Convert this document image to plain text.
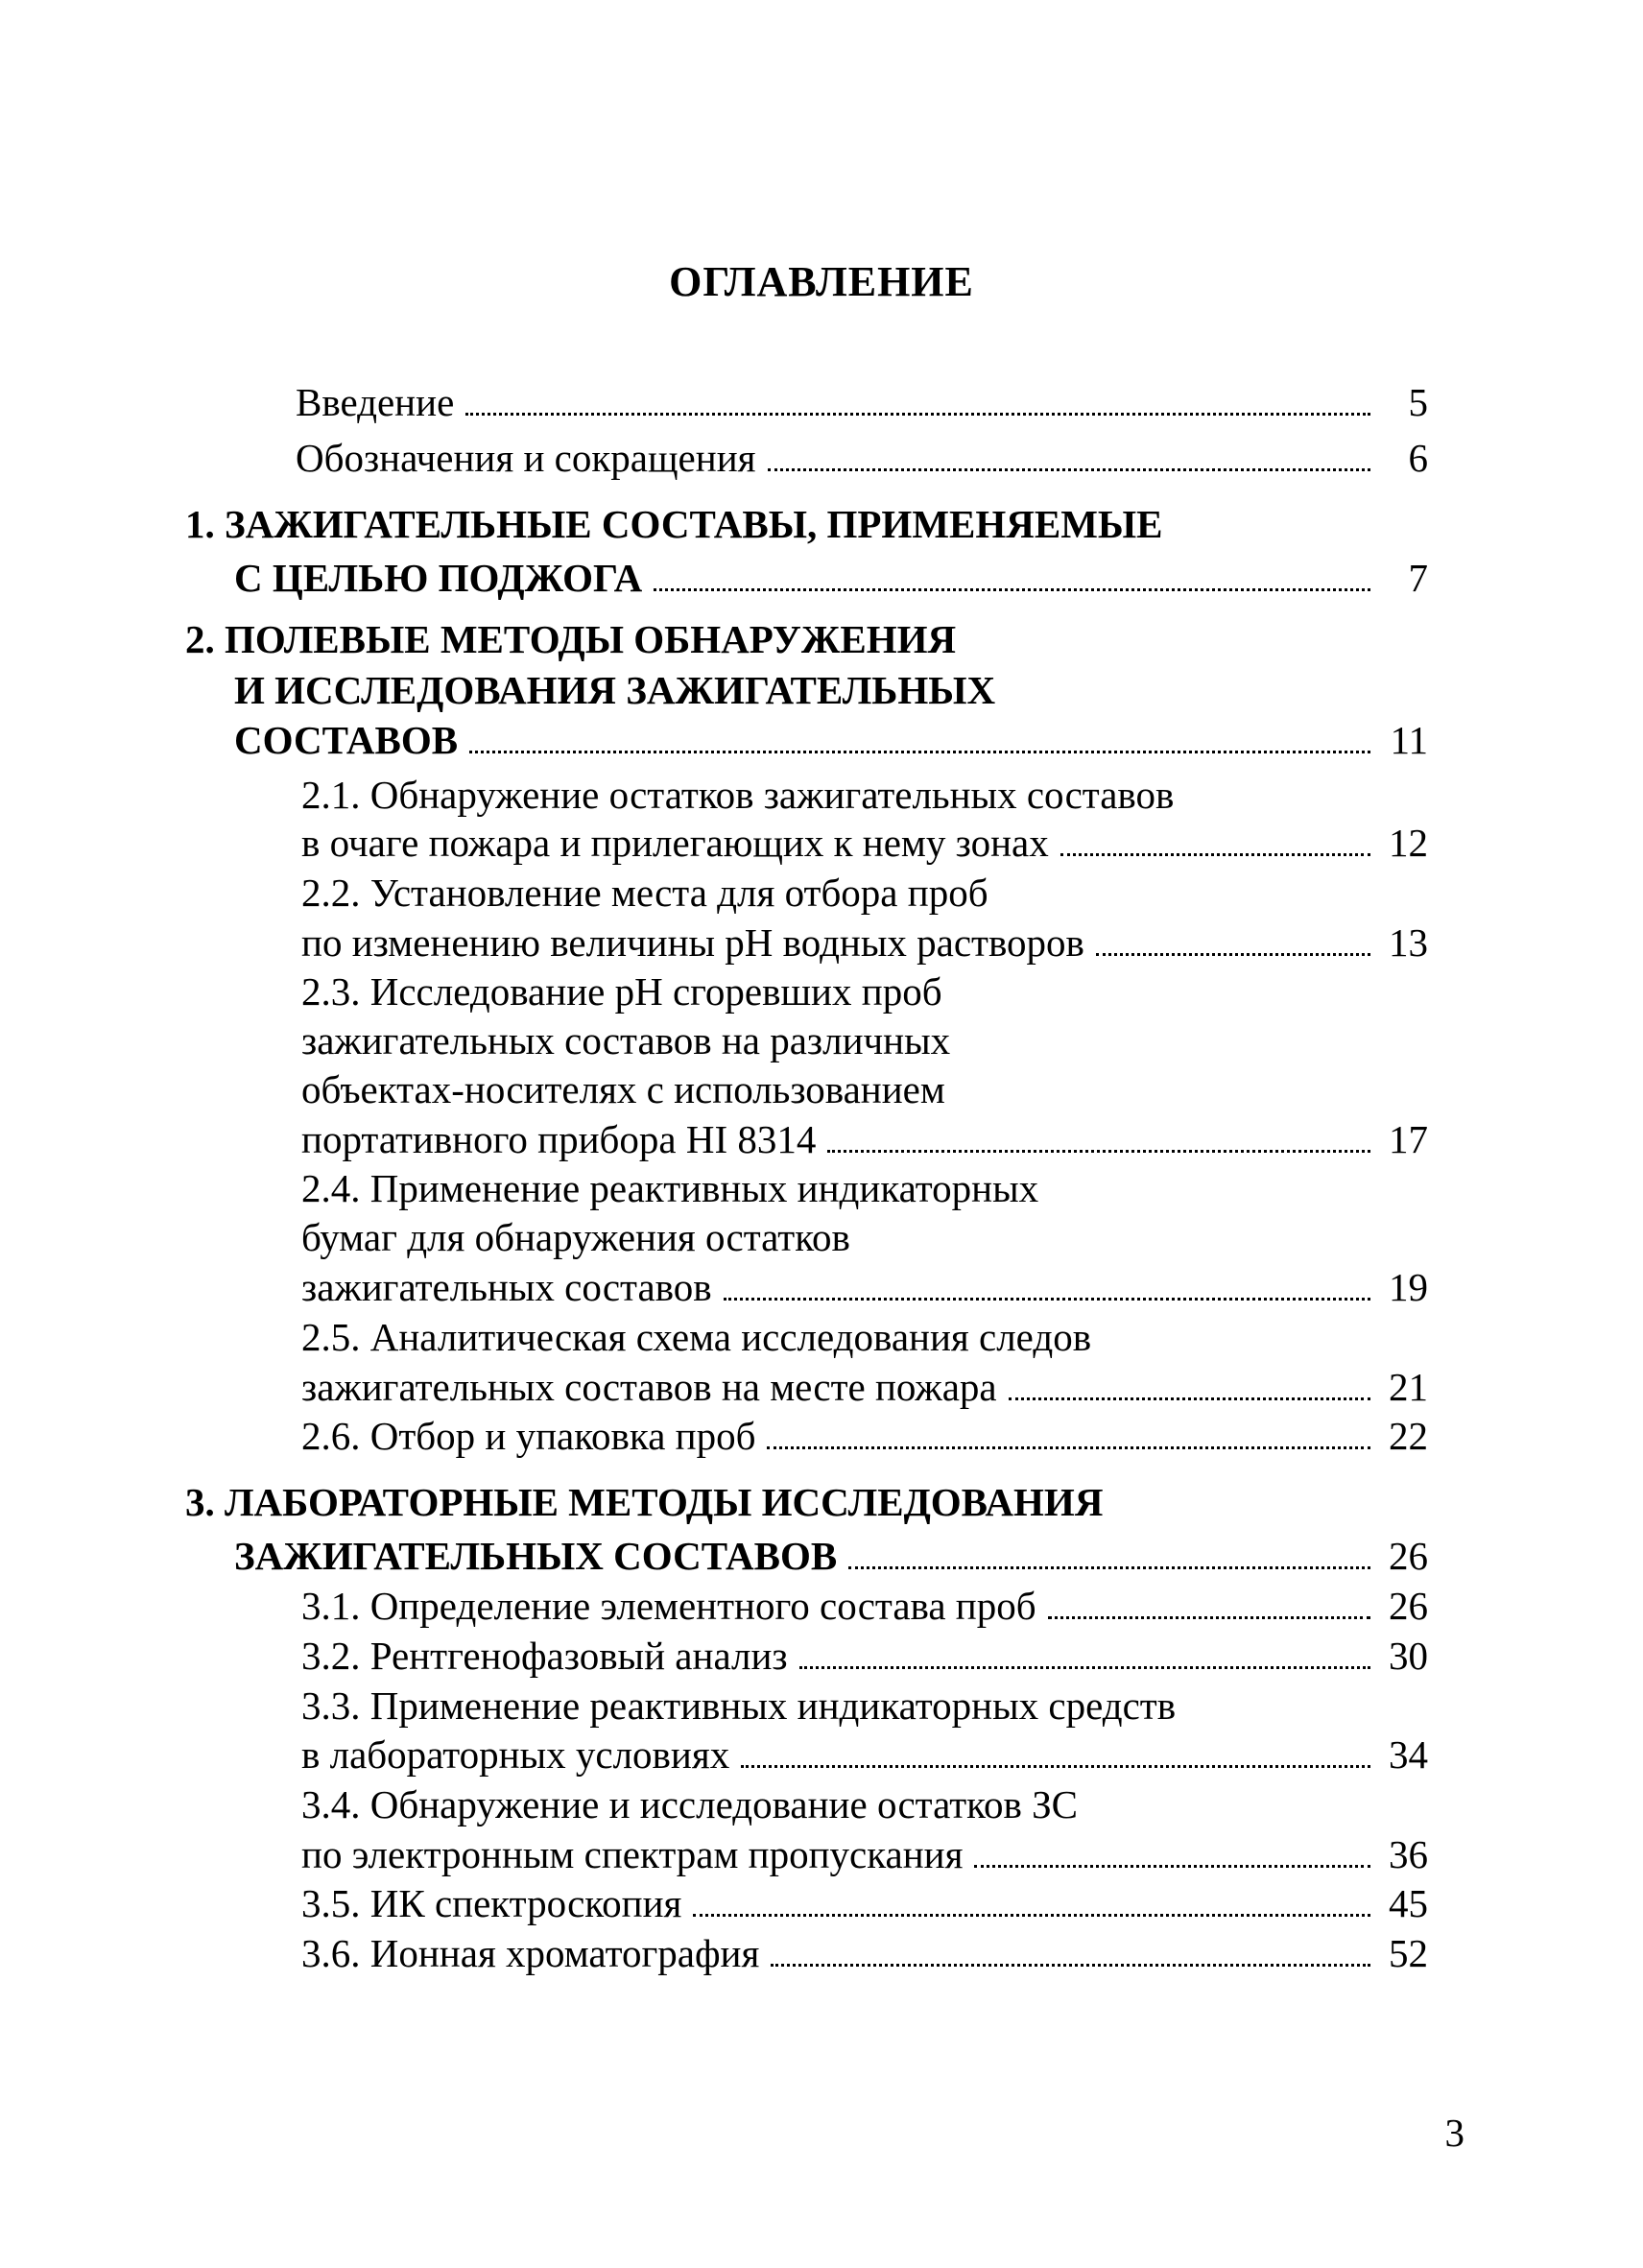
ОГЛАВЛЕНИЕ
Введение	5
Обозначения и сокращения	6
1. ЗАЖИГАТЕЛЬНЫЕ СОСТАВЫ, ПРИМЕНЯЕМЫЕ
С ЦЕЛЬЮ ПОДЖОГА	7
2. ПОЛЕВЫЕ МЕТОДЫ ОБНАРУЖЕНИЯ
И ИССЛЕДОВАНИЯ ЗАЖИГАТЕЛЬНЫХ
СОСТАВОВ	11
2.1. Обнаружение остатков зажигательных составов
в очаге пожара и прилегающих к нему зонах	12
2.2. Установление места для отбора проб
по изменению величины pH водных растворов	13
2.3. Исследование pH сгоревших проб
зажигательных составов на различных
объектах-носителях с использованием
портативного прибора HI 8314	17
2.4. Применение реактивных индикаторных
бумаг для обнаружения остатков
зажигательных составов	19
2.5. Аналитическая схема исследования следов
зажигательных составов на месте пожара	21
2.6. Отбор и упаковка проб	22
3. ЛАБОРАТОРНЫЕ МЕТОДЫ ИССЛЕДОВАНИЯ
ЗАЖИГАТЕЛЬНЫХ СОСТАВОВ	26
3.1. Определение элементного состава проб	26
3.2. Рентгенофазовый анализ	30
3.3. Применение реактивных индикаторных средств
в лабораторных условиях	34
3.4. Обнаружение и исследование остатков ЗС
по электронным спектрам пропускания	36
3.5. ИК спектроскопия	45
3.6. Ионная хроматография	52
3
